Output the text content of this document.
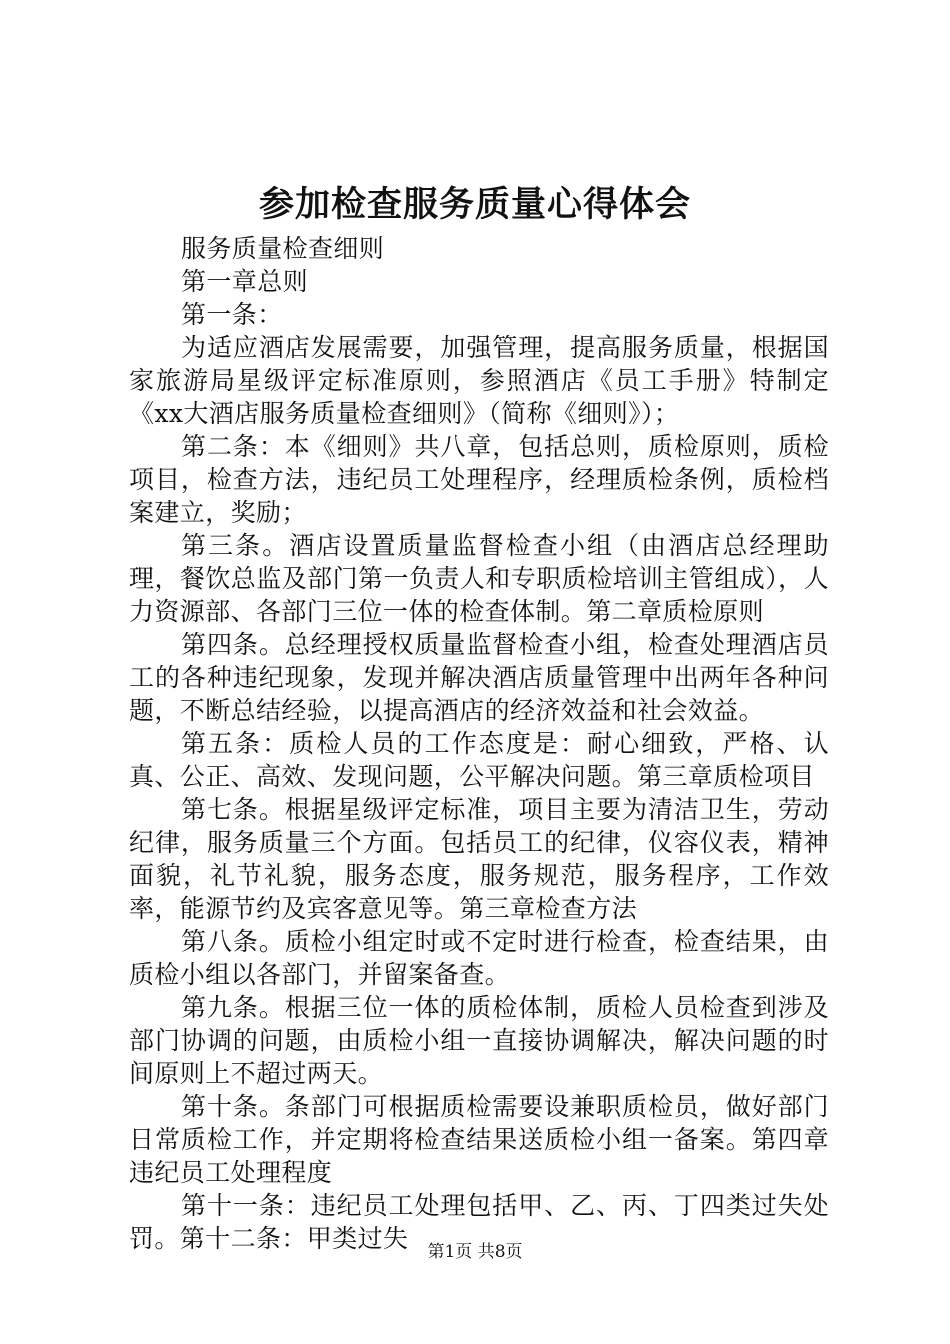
参加检查服务质量心得体会

服务质量检查细则

第一章总则

第一条：

为适应酒店发展需要，加强管理，提高服务质量，根据国家旅游局星级评定标准原则，参照酒店《员工手册》特制定《xx大酒店服务质量检查细则》（简称《细则》）；

第二条：本《细则》共八章，包括总则，质检原则，质检项目，检查方法，违纪员工处理程序，经理质检条例，质检档案建立，奖励；

第三条。酒店设置质量监督检查小组（由酒店总经理助理，餐饮总监及部门第一负责人和专职质检培训主管组成），人力资源部、各部门三位一体的检查体制。第二章质检原则

第四条。总经理授权质量监督检查小组，检查处理酒店员工的各种违纪现象，发现并解决酒店质量管理中出两年各种问题，不断总结经验，以提高酒店的经济效益和社会效益。

第五条：质检人员的工作态度是：耐心细致，严格、认真、公正、高效、发现问题，公平解决问题。第三章质检项目

第七条。根据星级评定标准，项目主要为清洁卫生，劳动纪律，服务质量三个方面。包括员工的纪律，仪容仪表，精神面貌，礼节礼貌，服务态度，服务规范，服务程序，工作效率，能源节约及宾客意见等。第三章检查方法

第八条。质检小组定时或不定时进行检查，检查结果，由质检小组以各部门，并留案备查。

第九条。根据三位一体的质检体制，质检人员检查到涉及部门协调的问题，由质检小组一直接协调解决，解决问题的时间原则上不超过两天。

第十条。条部门可根据质检需要设兼职质检员，做好部门日常质检工作，并定期将检查结果送质检小组一备案。第四章违纪员工处理程度

第十一条：违纪员工处理包括甲、乙、丙、丁四类过失处罚。第十二条：甲类过失	第1页 共8页
